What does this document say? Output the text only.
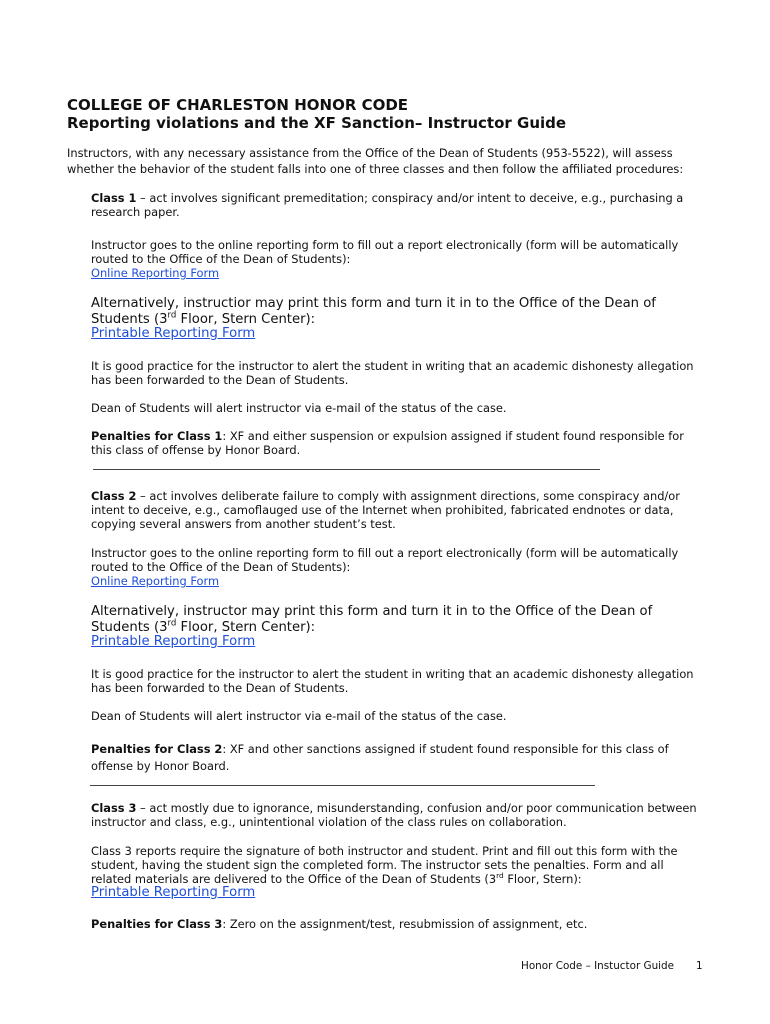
COLLEGE OF CHARLESTON HONOR CODE
Reporting violations and the XF Sanction– Instructor Guide

Instructors, with any necessary assistance from the Office of the Dean of Students (953-5522), will assess whether the behavior of the student falls into one of three classes and then follow the affiliated procedures:

Class 1 – act involves significant premeditation; conspiracy and/or intent to deceive, e.g., purchasing a research paper.

Instructor goes to the online reporting form to fill out a report electronically (form will be automatically routed to the Office of the Dean of Students):

Online Reporting Form

Alternatively, instructior may print this form and turn it in to the Office of the Dean of Students (3rd Floor, Stern Center):

Printable Reporting Form

It is good practice for the instructor to alert the student in writing that an academic dishonesty allegation has been forwarded to the Dean of Students.

Dean of Students will alert instructor via e-mail of the status of the case.

Penalties for Class 1: XF and either suspension or expulsion assigned if student found responsible for this class of offense by Honor Board.

Class 2 – act involves deliberate failure to comply with assignment directions, some conspiracy and/or intent to deceive, e.g., camoflauged use of the Internet when prohibited, fabricated endnotes or data, copying several answers from another student’s test.

Instructor goes to the online reporting form to fill out a report electronically (form will be automatically routed to the Office of the Dean of Students):

Online Reporting Form

Alternatively, instructor may print this form and turn it in to the Office of the Dean of Students (3rd Floor, Stern Center):

Printable Reporting Form

It is good practice for the instructor to alert the student in writing that an academic dishonesty allegation has been forwarded to the Dean of Students.

Dean of Students will alert instructor via e-mail of the status of the case.

Penalties for Class 2: XF and other sanctions assigned if student found responsible for this class of offense by Honor Board.

Class 3 – act mostly due to ignorance, misunderstanding, confusion and/or poor communication between instructor and class, e.g., unintentional violation of the class rules on collaboration.

Class 3 reports require the signature of both instructor and student. Print and fill out this form with the student, having the student sign the completed form. The instructor sets the penalties. Form and all related materials are delivered to the Office of the Dean of Students (3rd Floor, Stern):

Printable Reporting Form

Penalties for Class 3: Zero on the assignment/test, resubmission of assignment, etc.

Honor Code – Instuctor Guide 1
